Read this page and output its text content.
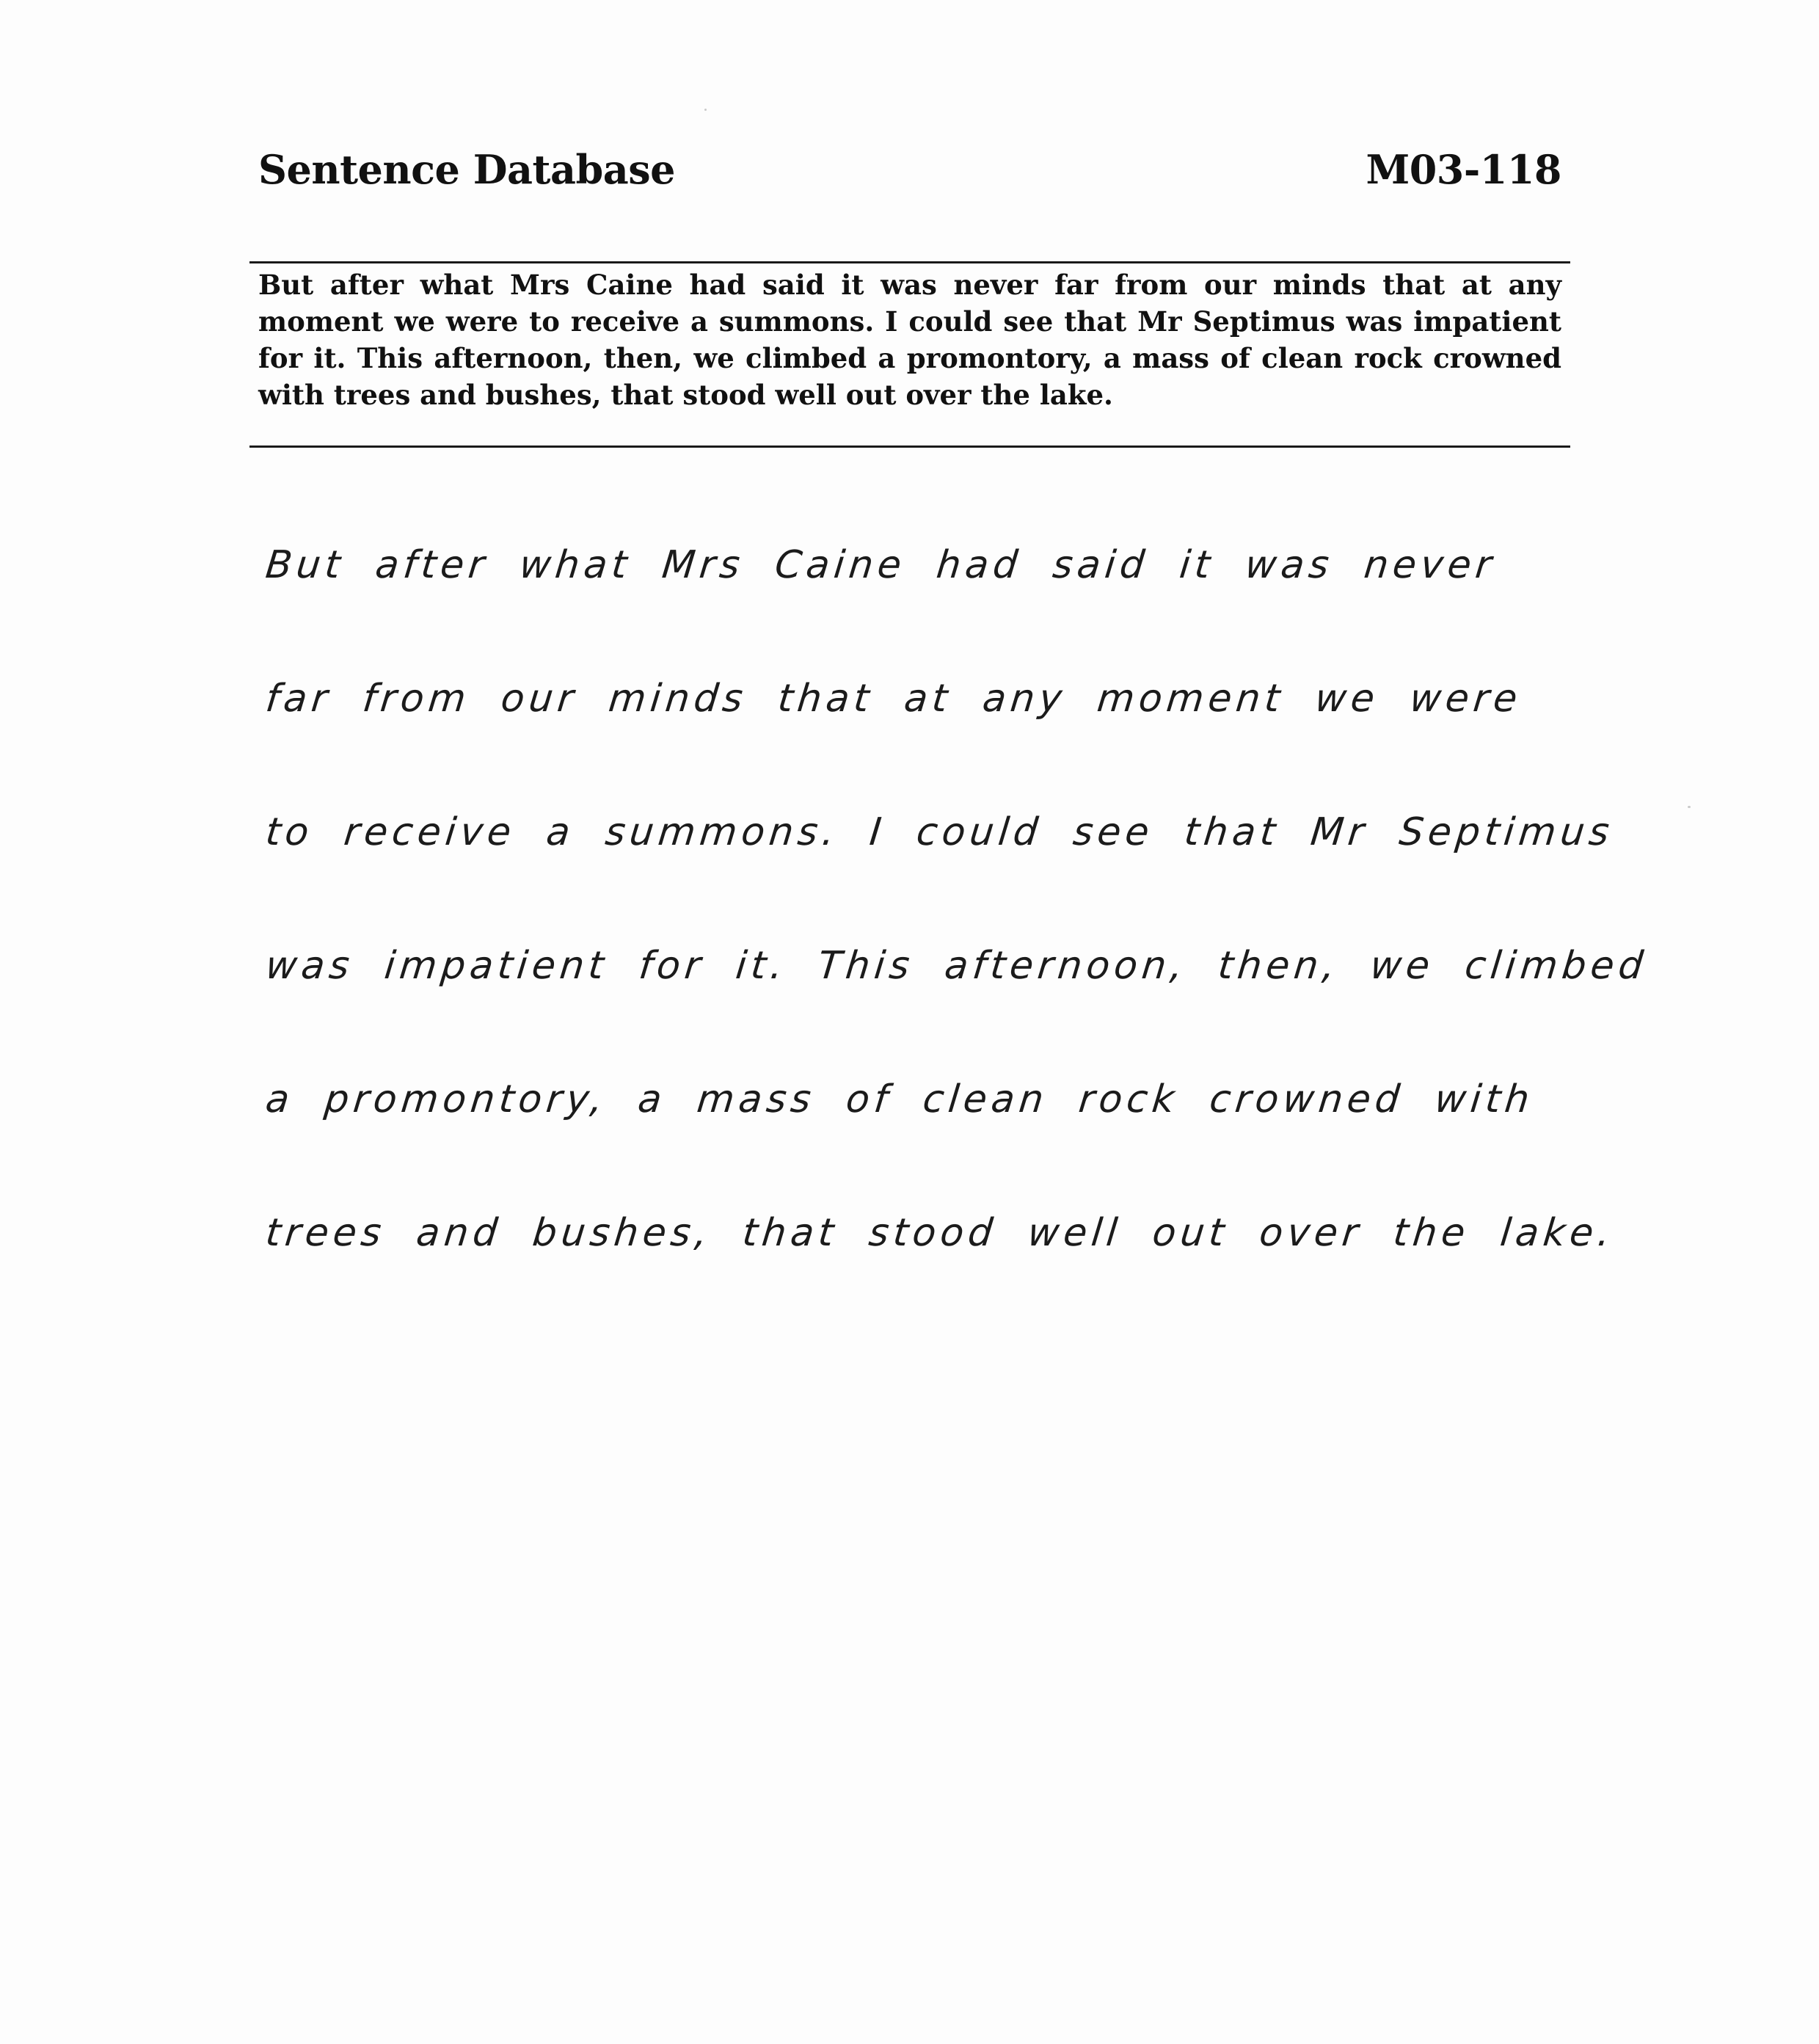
Sentence Database	M03-118
But after what Mrs Caine had said it was never far from our minds that at any
moment we were to receive a summons. I could see that Mr Septimus was impatient
for it. This afternoon, then, we climbed a promontory, a mass of clean rock crowned
with trees and bushes, that stood well out over the lake.
But after what Mrs Caine had said it was never
far from our minds that at any moment we were
to receive a summons. I could see that Mr Septimus
was impatient for it. This afternoon, then, we climbed
a promontory, a mass of clean rock crowned with
trees and bushes, that stood well out over the lake.
